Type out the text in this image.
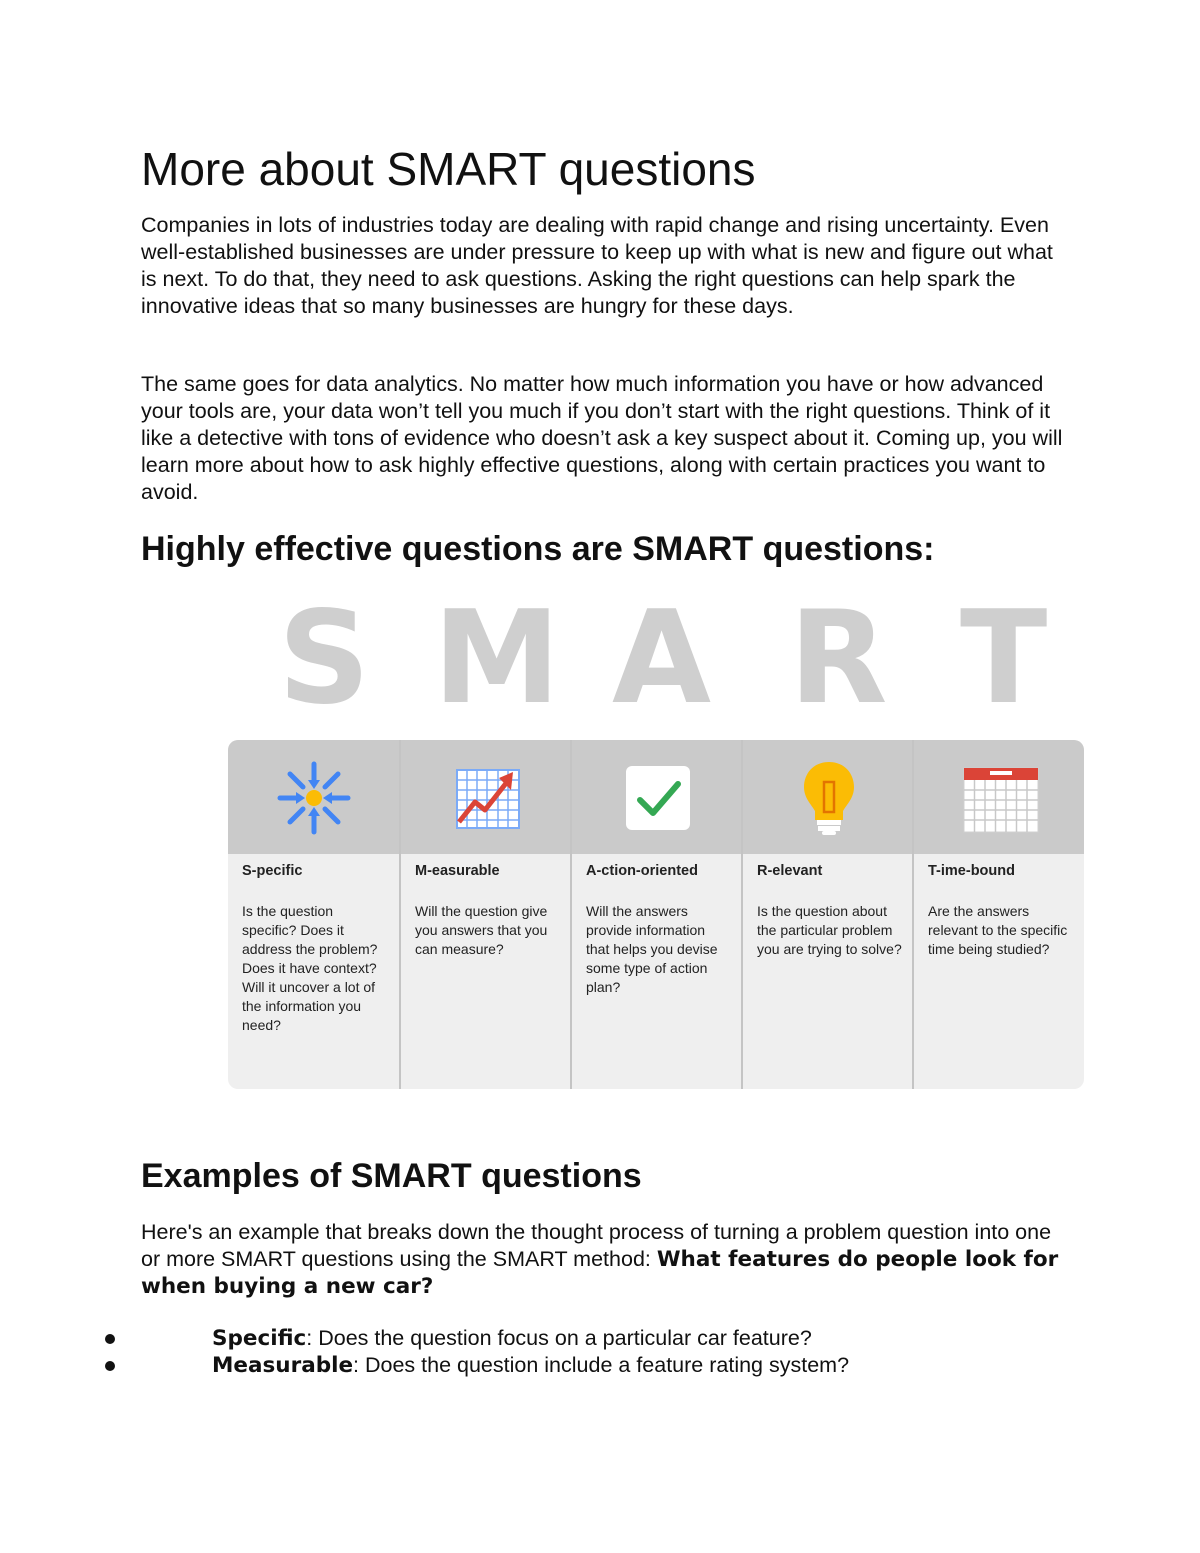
More about SMART questions

Companies in lots of industries today are dealing with rapid change and rising uncertainty. Even well-established businesses are under pressure to keep up with what is new and figure out what is next. To do that, they need to ask questions. Asking the right questions can help spark the innovative ideas that so many businesses are hungry for these days.

The same goes for data analytics. No matter how much information you have or how advanced your tools are, your data won’t tell you much if you don’t start with the right questions. Think of it like a detective with tons of evidence who doesn’t ask a key suspect about it. Coming up, you will learn more about how to ask highly effective questions, along with certain practices you want to avoid.

Highly effective questions are SMART questions:
S M A R T
S-pecific
Is the question specific? Does it address the problem? Does it have context? Will it uncover a lot of the information you need?
M-easurable
Will the question give you answers that you can measure?
A-ction-oriented
Will the answers provide information that helps you devise some type of action plan?
R-elevant
Is the question about the particular problem you are trying to solve?
T-ime-bound
Are the answers relevant to the specific time being studied?
Examples of SMART questions

Here's an example that breaks down the thought process of turning a problem question into one or more SMART questions using the SMART method: What features do people look for when buying a new car?

Specific: Does the question focus on a particular car feature?
Measurable: Does the question include a feature rating system?
